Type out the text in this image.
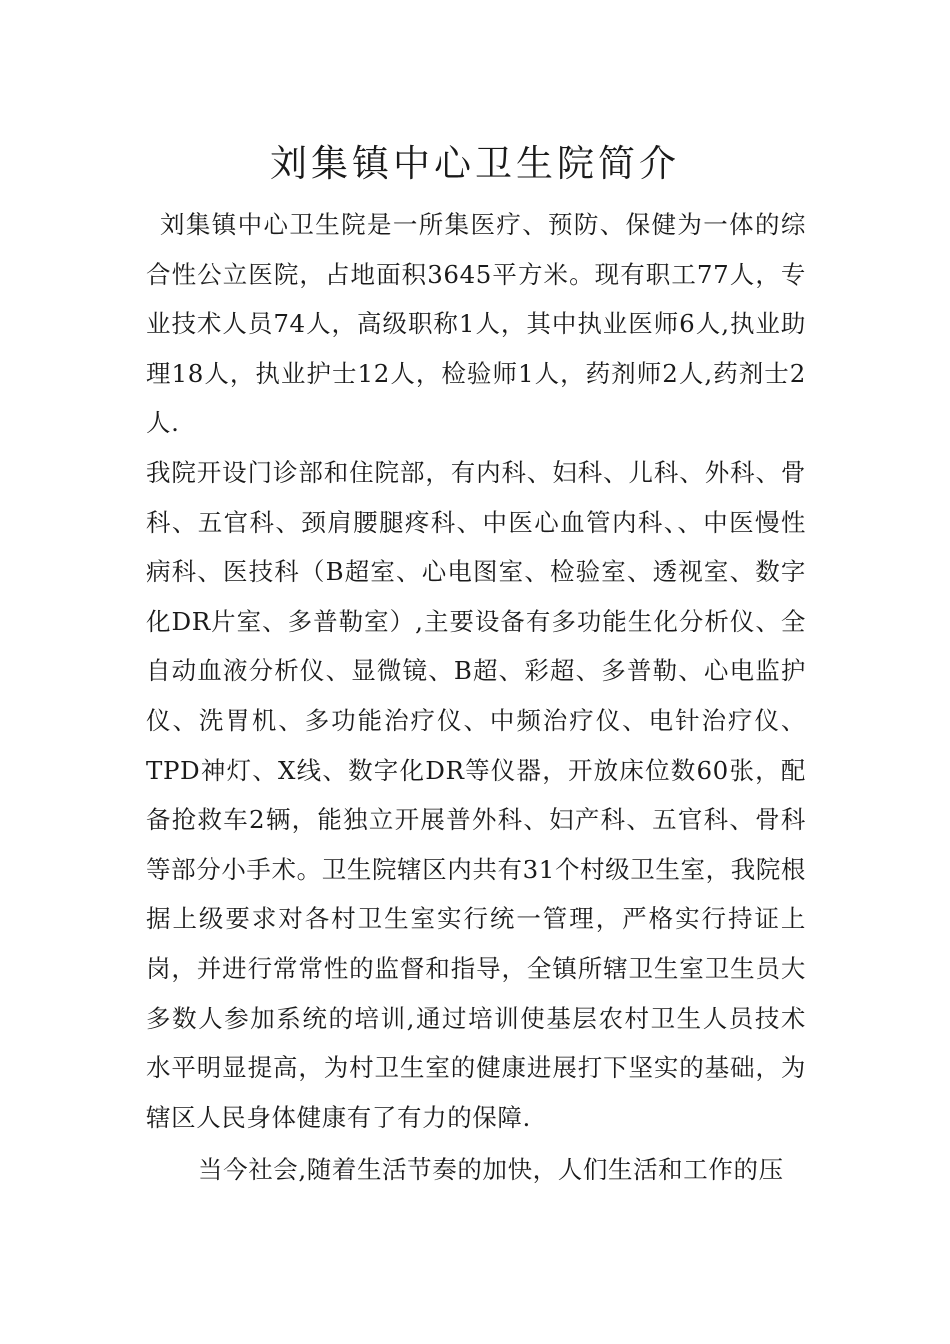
刘集镇中心卫生院简介

刘集镇中心卫生院是一所集医疗、预防、保健为一体的综合性公立医院，占地面积3645平方米。现有职工77人，专业技术人员74人，高级职称1人，其中执业医师6人,执业助理18人，执业护士12人，检验师1人，药剂师2人,药剂士2人.

我院开设门诊部和住院部，有内科、妇科、儿科、外科、骨科、五官科、颈肩腰腿疼科、中医心血管内科、、中医慢性病科、医技科（B超室、心电图室、检验室、透视室、数字化DR片室、多普勒室）,主要设备有多功能生化分析仪、全自动血液分析仪、显微镜、B超、彩超、多普勒、心电监护仪、洗胃机、多功能治疗仪、中频治疗仪、电针治疗仪、TPD神灯、X线、数字化DR等仪器，开放床位数60张，配备抢救车2辆，能独立开展普外科、妇产科、五官科、骨科等部分小手术。卫生院辖区内共有31个村级卫生室，我院根据上级要求对各村卫生室实行统一管理，严格实行持证上岗，并进行常常性的监督和指导，全镇所辖卫生室卫生员大多数人参加系统的培训,通过培训使基层农村卫生人员技术水平明显提高，为村卫生室的健康进展打下坚实的基础，为辖区人民身体健康有了有力的保障.

当今社会,随着生活节奏的加快，人们生活和工作的压
